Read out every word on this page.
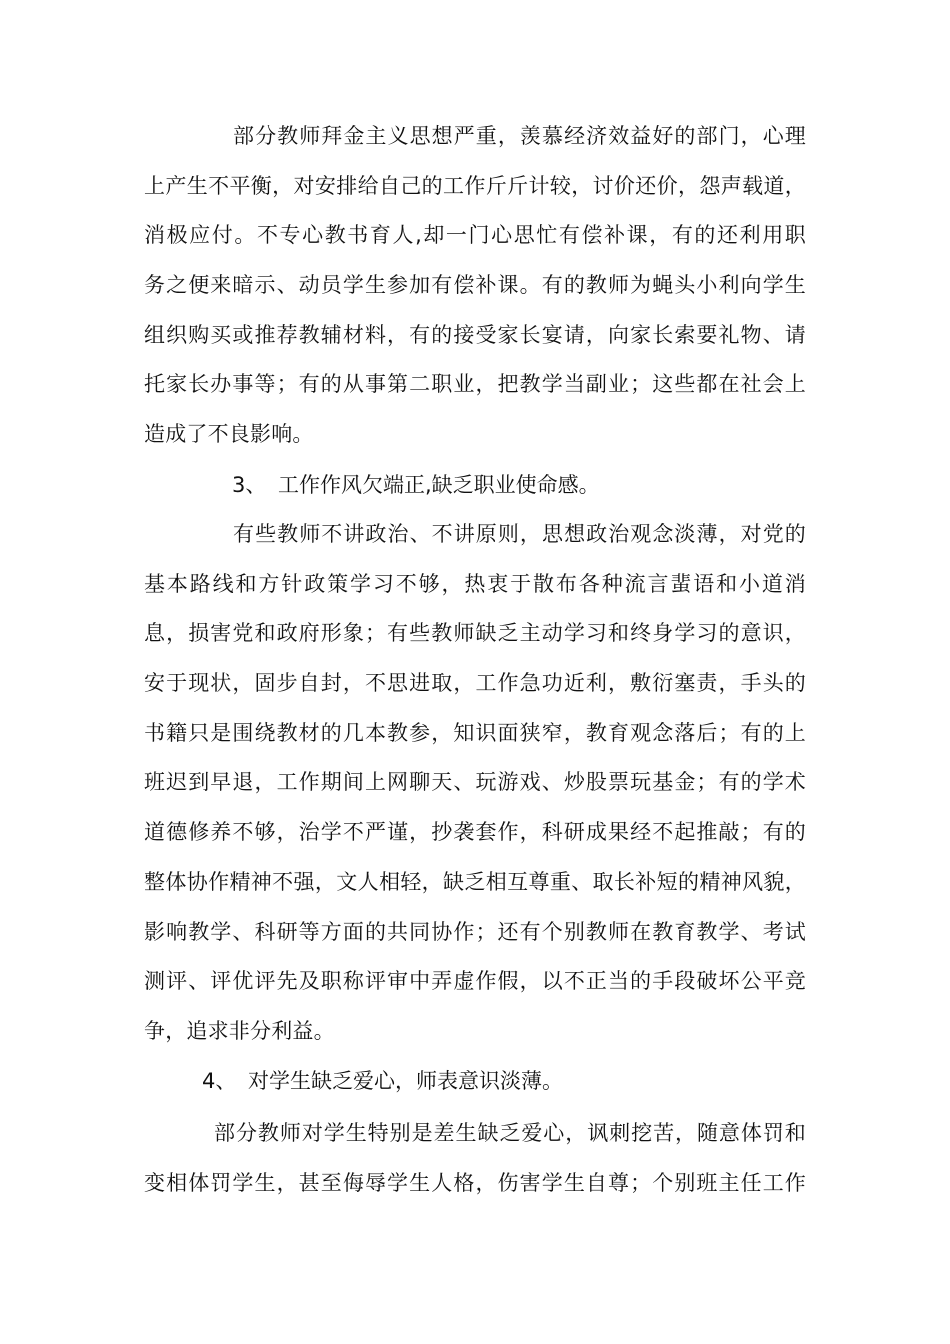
部分教师拜金主义思想严重，羡慕经济效益好的部门，心理
上产生不平衡，对安排给自己的工作斤斤计较，讨价还价，怨声载道，
消极应付。不专心教书育人,却一门心思忙有偿补课，有的还利用职
务之便来暗示、动员学生参加有偿补课。有的教师为蝇头小利向学生
组织购买或推荐教辅材料，有的接受家长宴请，向家长索要礼物、请
托家长办事等；有的从事第二职业，把教学当副业；这些都在社会上
造成了不良影响。
3、 工作作风欠端正,缺乏职业使命感。
有些教师不讲政治、不讲原则，思想政治观念淡薄，对党的
基本路线和方针政策学习不够，热衷于散布各种流言蜚语和小道消
息，损害党和政府形象；有些教师缺乏主动学习和终身学习的意识，
安于现状，固步自封，不思进取，工作急功近利，敷衍塞责，手头的
书籍只是围绕教材的几本教参，知识面狭窄，教育观念落后；有的上
班迟到早退，工作期间上网聊天、玩游戏、炒股票玩基金；有的学术
道德修养不够，治学不严谨，抄袭套作，科研成果经不起推敲；有的
整体协作精神不强，文人相轻，缺乏相互尊重、取长补短的精神风貌，
影响教学、科研等方面的共同协作；还有个别教师在教育教学、考试
测评、评优评先及职称评审中弄虚作假，以不正当的手段破坏公平竞
争，追求非分利益。
4、 对学生缺乏爱心，师表意识淡薄。
部分教师对学生特别是差生缺乏爱心，讽刺挖苦，随意体罚和
变相体罚学生，甚至侮辱学生人格，伤害学生自尊；个别班主任工作
